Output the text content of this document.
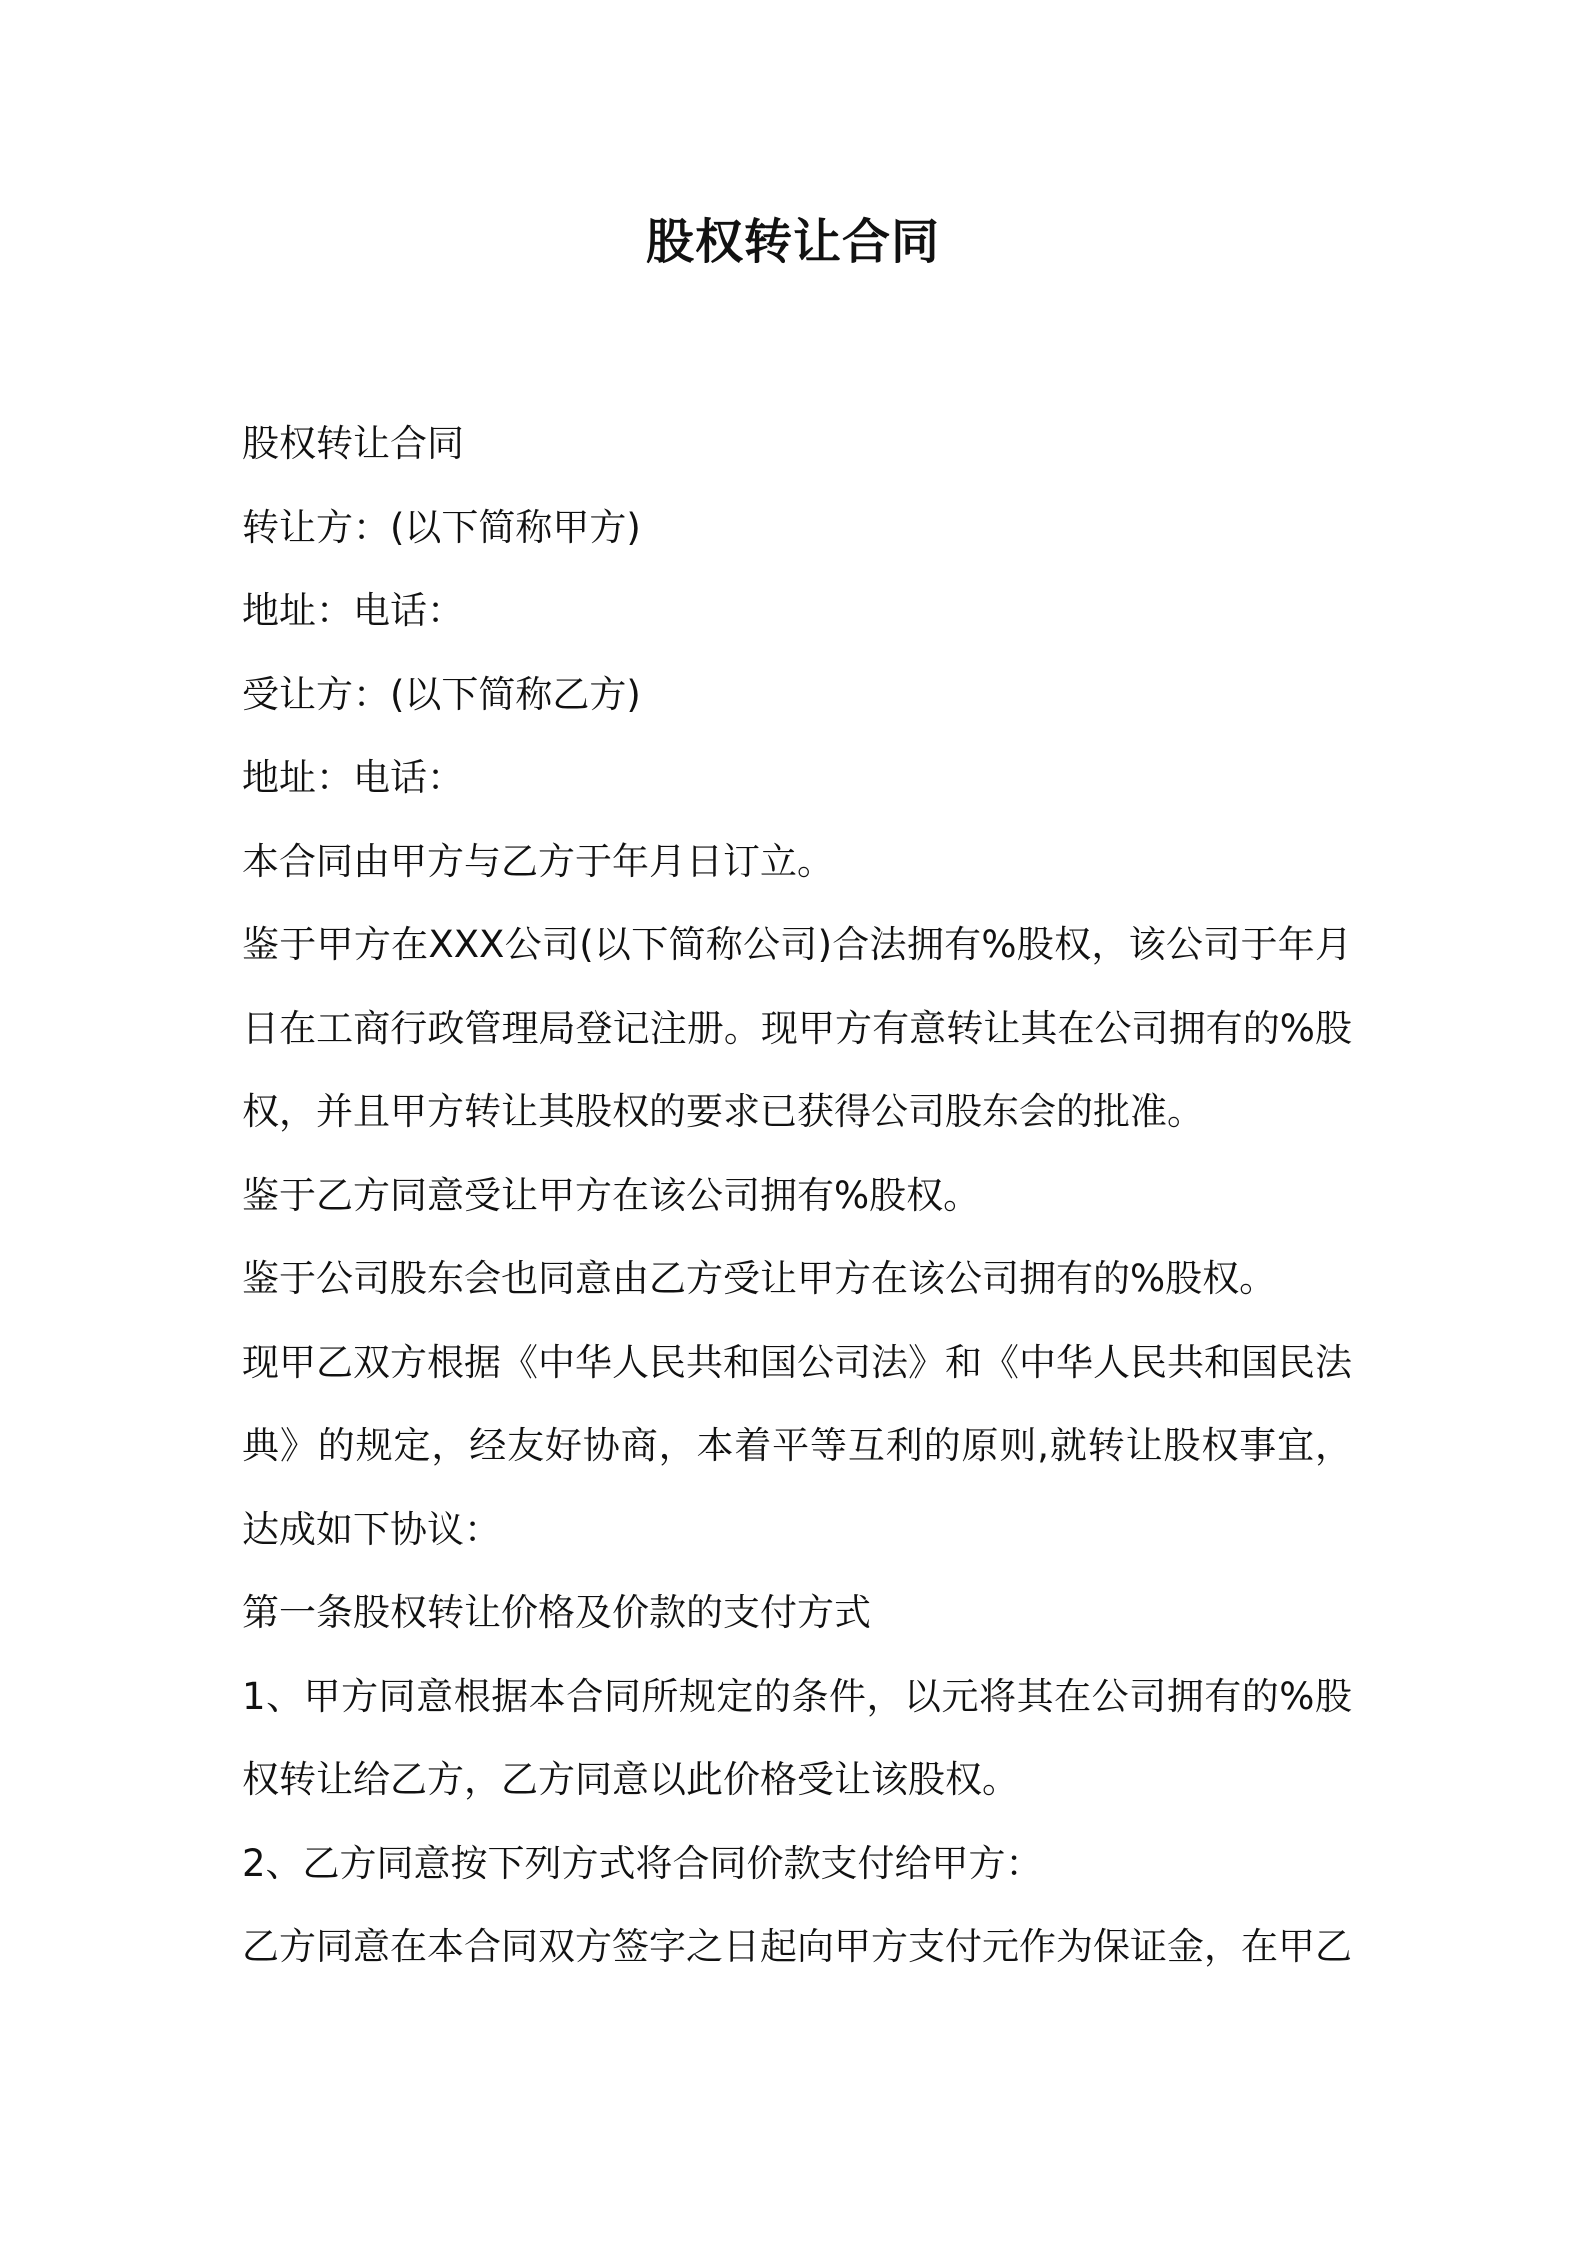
股权转让合同

股权转让合同

转让方：(以下简称甲方)

地址：电话：

受让方：(以下简称乙方)

地址：电话：

本合同由甲方与乙方于年月日订立。

鉴于甲方在XXX公司(以下简称公司)合法拥有%股权，该公司于年月日在工商行政管理局登记注册。现甲方有意转让其在公司拥有的%股权，并且甲方转让其股权的要求已获得公司股东会的批准。

鉴于乙方同意受让甲方在该公司拥有%股权。

鉴于公司股东会也同意由乙方受让甲方在该公司拥有的%股权。

现甲乙双方根据《中华人民共和国公司法》和《中华人民共和国民法典》的规定，经友好协商，本着平等互利的原则,就转让股权事宜，达成如下协议：

第一条股权转让价格及价款的支付方式

1、甲方同意根据本合同所规定的条件，以元将其在公司拥有的%股权转让给乙方，乙方同意以此价格受让该股权。

2、乙方同意按下列方式将合同价款支付给甲方：

乙方同意在本合同双方签字之日起向甲方支付元作为保证金，在甲乙
